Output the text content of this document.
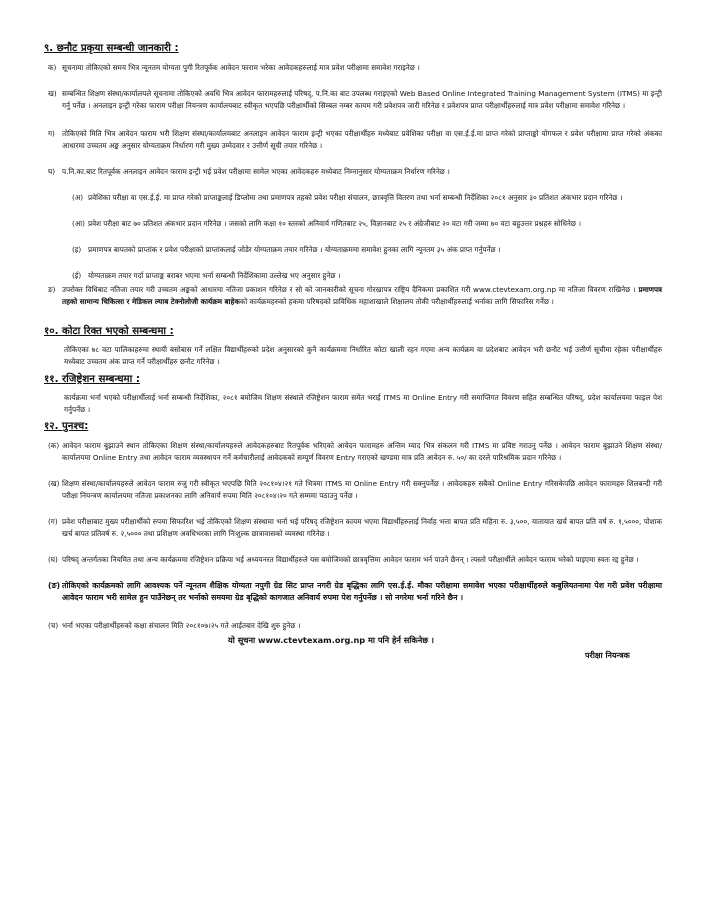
९. छनौट प्रकृया सम्बन्धी जानकारी :
क) सूचनामा तोकिएको समय भित्र न्यूनतम योग्यता पुगी रितपूर्वक आवेदन फाराम भरेका आवेदकहरुलाई मात्र प्रवेश परीक्षामा समावेश गराइनेछ ।
ख) सम्बन्धित शिक्षण संस्था/कार्यालयले सूचनामा तोकिएको अवधि भित्र आवेदन फारामहरुलाई परिषद्, प.नि.का बाट उपलब्ध गराइएको Web Based Online Integrated Training Management System (ITMS) मा इन्ट्री गर्नु पर्नेछ । अनलाइन इन्ट्री गरेका फाराम परीक्षा नियन्त्रण कार्यालयबाट स्वीकृत भएपछि परीक्षार्थीको सिम्बल नम्बर कायम गरी प्रवेशपत्र जारी गरिनेछ र प्रवेशपत्र प्राप्त परीक्षार्थीहरुलाई मात्र प्रवेश परीक्षामा समावेश गरिनेछ ।
ग) तोकिएको मिति भित्र आवेदन फाराम भरी शिक्षण संस्था/कार्यालयबाट अनलाइन आवेदन फाराम इन्ट्री भएका परीक्षार्थीहरु मध्येबाट प्रवेशिका परीक्षा वा एस.ई.ई.मा प्राप्त गरेको प्राप्ताङ्को योगफल र प्रवेश परीक्षामा प्राप्त गरेको अंकका आधारमा उच्चतम अङ्क अनुसार योग्यताक्रम निर्धारण गरी मुख्य उम्मेदवार र उत्तीर्ण सूची तयार गरिनेछ ।
घ) प.नि.का.बाट रितपूर्वक अनलाइन आवेदन फाराम इन्ट्री भई प्रवेश परीक्षामा सामेल भएका आवेदकहरु मध्येबाट निम्नानुसार योग्यताक्रम निर्धारण गरिनेछ ।
(अ) प्रवेशिका परीक्षा वा एस.ई.ई. मा प्राप्त गरेको प्राप्ताङ्कलाई डिप्लोमा तथा प्रमाणपत्र तहको प्रवेश परीक्षा संचालन, छात्रवृत्ति वितरण तथा भर्ना सम्बन्धी निर्देशिका २०८१ अनुसार ३० प्रतिशत अंकभार प्रदान गरिनेछ ।
(आ) प्रवेश परीक्षा बाट ७० प्रतिशत अंकभार प्रदान गरिनेछ । जसको लागि कक्षा १० स्तरको अनिवार्य गणितबाट २५, विज्ञानबाट २५ र अंग्रेजीबाट २० वटा गरी जम्मा ७० वटा बहुउत्तर प्रश्नहरु सोधिनेछ ।
(इ) प्रमाणपत्र बापतको प्राप्तांक र प्रवेश परीक्षाको प्राप्तांकलाई जोडेर योग्यताक्रम तयार गरिनेछ । योग्यताक्रममा समावेश हुनका लागि न्यूनतम ३५ अंक प्राप्त गर्नुपर्नेछ ।
(ई) योग्यताक्रम तयार गर्दा प्राप्ताङ्क बराबर भएमा भर्ना सम्बन्धी निर्देशिकामा उल्लेख भए अनुसार हुनेछ ।
ङ) उपरोक्त विधिबाट नतिजा तयार गरी उच्चतम अङ्कको आधारमा नतिजा प्रकाशन गरिनेछ र सो को जानकारीको सूचना गोरखापत्र राष्ट्रिय दैनिकमा प्रकाशित गरी www.ctevtexam.org.np मा नतिजा विवरण राखिनेछ । प्रमाणपत्र तहको सामान्य चिकित्सा र मेडिकल ल्याब टेक्नोलोजी कार्यक्रम बाहेकको कार्यक्रमहरुको हकमा परिषदको प्राविधिक महाशाखाले शिक्षालय तोकी परीक्षार्थीहरुलाई भर्नाका लागि सिफारिस गर्नेछ ।
१०. कोटा रिक्त भएको सम्बन्धमा :
तोकिएका ७८ वटा पालिकाहरुमा स्थायी बसोबास गर्ने लक्षित विद्यार्थीहरुको प्रदेश अनुसारको कुनै कार्यक्रममा निर्धारित कोटा खाली रहन गएमा अन्य कार्यक्रम वा प्रदेशबाट आवेदन भरी छनौट भई उत्तीर्ण सूचीमा रहेका परीक्षार्थीहरु मध्येबाट उच्चतम अंक प्राप्त गर्ने परीक्षार्थीहरु छनौट गरिनेछ ।
११. रजिष्ट्रेशन सम्बन्धमा :
कार्यक्रमा भर्ना भएको परीक्षार्थीलाई भर्ना सम्बन्धी निर्देशिका, २०८१ बमोजिम शिक्षण संस्थाले रजिष्ट्रेशन फाराम समेत भराई ITMS मा Online Entry गरी समाप्तिगत विवरण सहित सम्बन्धित परिषद्, प्रदेश कार्यालयमा फाइल पेश गर्नुपर्नेछ ।
१२. पुनश्च:
(क) आवेदन फाराम बुझाउने स्थान तोकिएका शिक्षण संस्था/कार्यालयहरुले आवेदकहरुबाट रितपूर्वक भरिएको आवेदन फारामहरु अन्तिम म्याद भित्र संकलन गरी ITMS मा प्रविष्ट गराउनु पर्नेछ । आवेदन फाराम बुझाउने शिक्षण संस्था/कार्यालयमा Online Entry तथा आवेदन फाराम व्यवस्थापन गर्ने कर्मचारीलाई आवेदकको सम्पूर्ण विवरण Entry गराएको खण्डमा मात्र प्रति आवेदन रु. ५०/ का दरले पारिश्रमिक प्रदान गरिनेछ ।
(ख) शिक्षण संस्था/कार्यालयहरुले आवेदन फाराम रुजु गरी स्वीकृत भएपछि मिति २०८१०४।२१ गते भित्रमा ITMS मा Online Entry गरी सक्नुपर्नेछ । आवेदकहरु सबैको Online Entry गरिसकेपछि आवेदन फारामहरु शिलबन्दी गरी परीक्षा नियन्त्रण कार्यालयमा नतिजा प्रकाशनका लागि अनिवार्य रुपमा मिति २०८१०४।२० गते सम्ममा पठाउनु पर्नेछ ।
(ग) प्रवेश परीक्षाबाट मुख्य परीक्षार्थीको रुपमा सिफारिश भई तोकिएको शिक्षण संस्थामा भर्ना भई परिषद् रजिष्ट्रेशन कायम भएमा विद्यार्थीहरुलाई निर्वाह भत्ता बापत प्रति महिना रु. ३,५००, यातायात खर्च बापत प्रति वर्ष रु. १,५०००, पोशाक खर्च बापत प्रतिवर्ष रु. २,५००० तथा प्रशिक्षण अवधिभरका लागि निःशुल्क छात्रावासको व्यवस्था गरिनेछ ।
(घ) परिषद् अन्तर्गतका नियमित तथा अन्य कार्यक्रममा रजिष्ट्रेशन प्रक्रिया भई अध्ययनरत विद्यार्थीहरुले यस बमोजिमको छात्रवृत्तिमा आवेदन फाराम भर्न पाउने छैनन् । त्यस्तो परीक्षार्थीले आवेदन फाराम भरेको पाइएमा स्वतः रद्द हुनेछ ।
(ङ) तोकिएको कार्यक्रमको लागि आवश्यक पर्ने न्यूनतम शैक्षिक योग्यता नपुगी ग्रेड सिट प्राप्त नगरी ग्रेड बृद्धिका लागि एस.ई.ई. मौका परीक्षामा समावेश भएका परीक्षार्थीहरुले कबुलियतनामा पेश गरी प्रवेश परीक्षामा आवेदन फाराम भरी सामेल हुन पाउँनेछन् तर भर्नाको समयमा ग्रेड बृद्धिको कागजात अनिवार्य रुपमा पेश गर्नुपर्नेछ । सो नगरेमा भर्ना गरिने छैन ।
(च) भर्ना भएका परीक्षार्थीहरुको कक्षा संचालन मिति २०८१०७।२५ गते आईतबार देखि शुरु हुनेछ ।
यो सूचना www.ctevtexam.org.np मा पनि हेर्न सकिनेछ ।
परीक्षा नियन्त्रक
